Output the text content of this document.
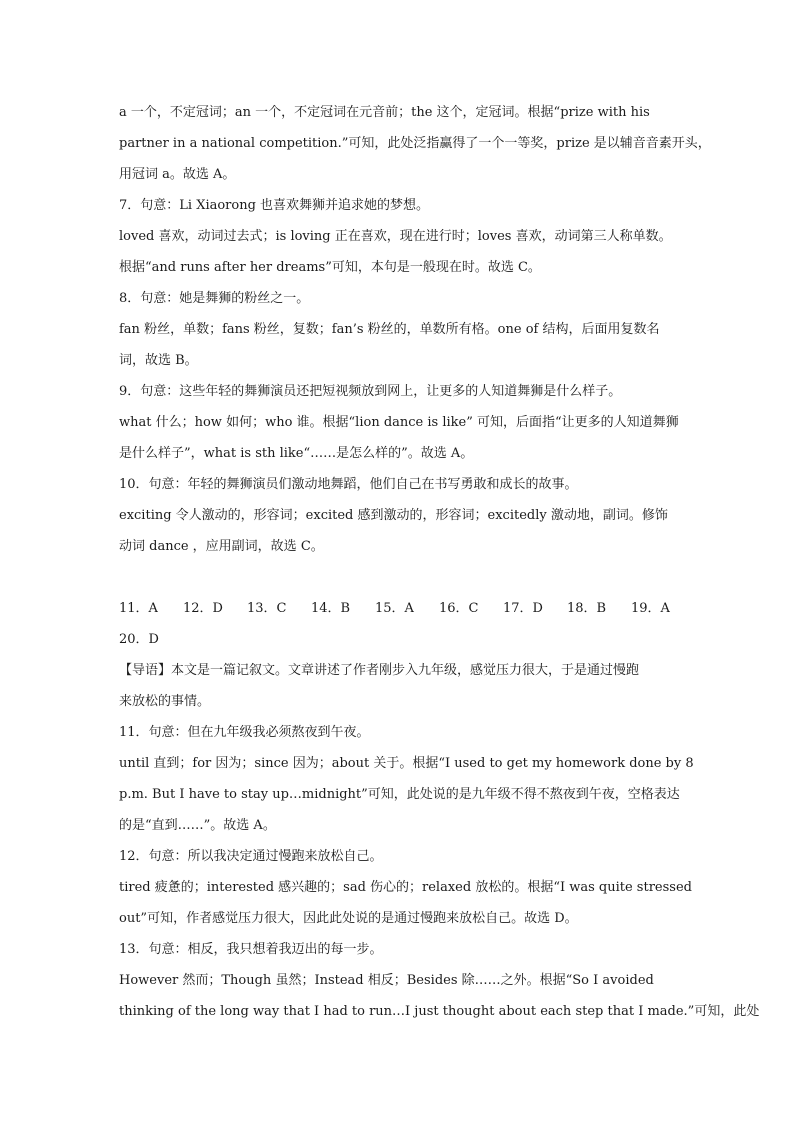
a 一个，不定冠词；an 一个，不定冠词在元音前；the 这个，定冠词。根据“prize with his
partner in a national competition.”可知，此处泛指赢得了一个一等奖，prize 是以辅音音素开头，
用冠词 a。故选 A。
7．句意：Li Xiaorong 也喜欢舞狮并追求她的梦想。
loved 喜欢，动词过去式；is loving 正在喜欢，现在进行时；loves 喜欢，动词第三人称单数。
根据“and runs after her dreams”可知，本句是一般现在时。故选 C。
8．句意：她是舞狮的粉丝之一。
fan 粉丝，单数；fans 粉丝，复数；fan’s 粉丝的，单数所有格。one of 结构，后面用复数名
词，故选 B。
9．句意：这些年轻的舞狮演员还把短视频放到网上，让更多的人知道舞狮是什么样子。
what 什么；how 如何；who 谁。根据“lion dance is like” 可知，后面指“让更多的人知道舞狮
是什么样子”，what is sth like“……是怎么样的”。故选 A。
10．句意：年轻的舞狮演员们激动地舞蹈，他们自己在书写勇敢和成长的故事。
exciting 令人激动的，形容词；excited 感到激动的，形容词；excitedly 激动地，副词。修饰
动词 dance ，应用副词，故选 C。
11．A 12．D 13．C 14．B 15．A 16．C 17．D 18．B 19．A
20．D
【导语】本文是一篇记叙文。文章讲述了作者刚步入九年级，感觉压力很大，于是通过慢跑
来放松的事情。
11．句意：但在九年级我必须熬夜到午夜。
until 直到；for 因为；since 因为；about 关于。根据“I used to get my homework done by 8
p.m. But I have to stay up…midnight”可知，此处说的是九年级不得不熬夜到午夜，空格表达
的是“直到……”。故选 A。
12．句意：所以我决定通过慢跑来放松自己。
tired 疲惫的；interested 感兴趣的；sad 伤心的；relaxed 放松的。根据“I was quite stressed
out”可知，作者感觉压力很大，因此此处说的是通过慢跑来放松自己。故选 D。
13．句意：相反，我只想着我迈出的每一步。
However 然而；Though 虽然；Instead 相反；Besides 除……之外。根据“So I avoided
thinking of the long way that I had to run…I just thought about each step that I made.”可知，此处
